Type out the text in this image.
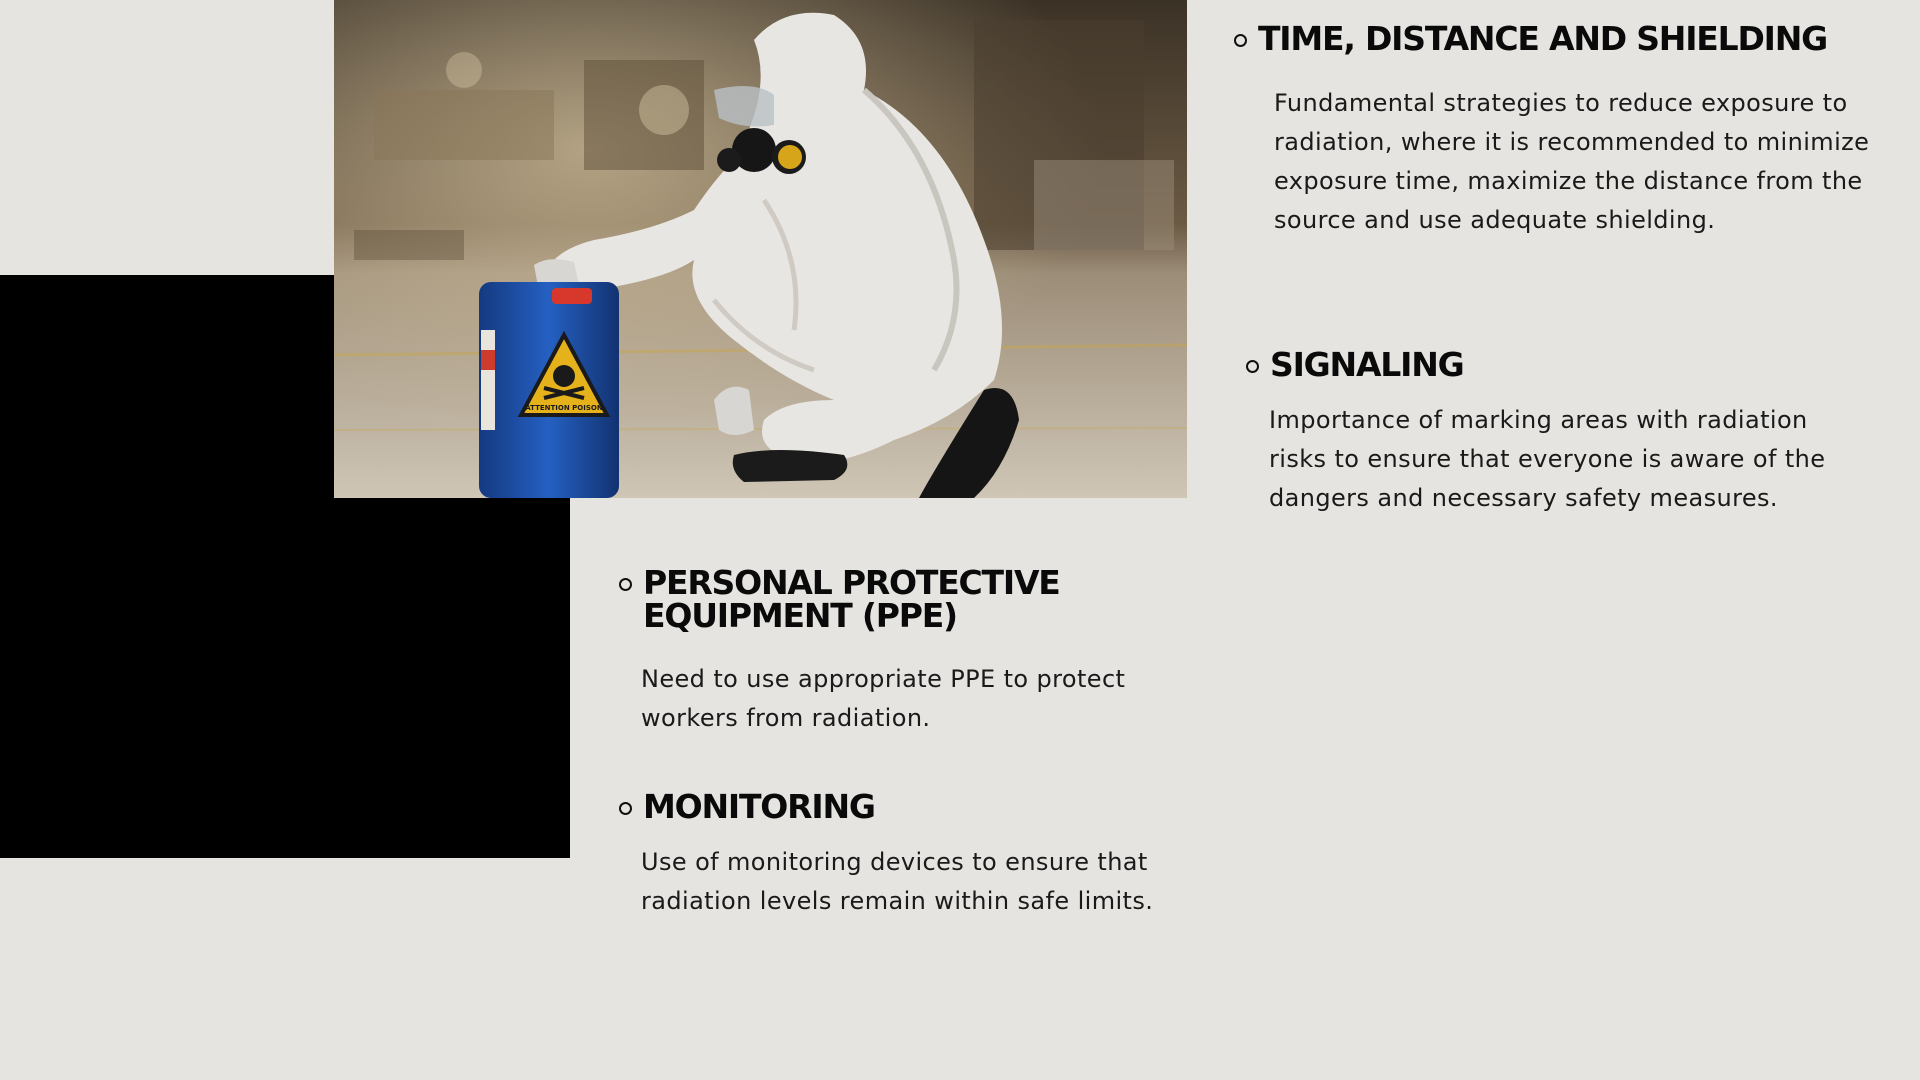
ATTENTION POISON
TIME, DISTANCE AND SHIELDING

Fundamental strategies to reduce exposure to radiation, where it is recommended to minimize exposure time, maximize the distance from the source and use adequate shielding.

SIGNALING

Importance of marking areas with radiation risks to ensure that everyone is aware of the dangers and necessary safety measures.

PERSONAL PROTECTIVE EQUIPMENT (PPE)

Need to use appropriate PPE to protect workers from radiation.

MONITORING

Use of monitoring devices to ensure that radiation levels remain within safe limits.
